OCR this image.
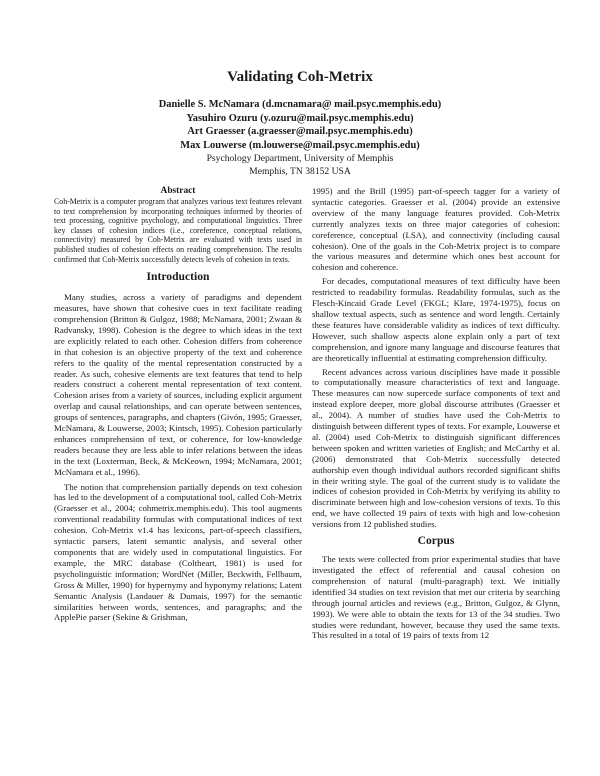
Validating Coh-Metrix
Danielle S. McNamara (d.mcnamara@ mail.psyc.memphis.edu)
Yasuhiro Ozuru (y.ozuru@mail.psyc.memphis.edu)
Art Graesser (a.graesser@mail.psyc.memphis.edu)
Max Louwerse (m.louwerse@mail.psyc.memphis.edu)
Psychology Department, University of Memphis
Memphis, TN 38152 USA
Abstract

Coh-Metrix is a computer program that analyzes various text features relevant to text comprehension by incorporating techniques informed by theories of text processing, cognitive psychology, and computational linguistics. Three key classes of cohesion indices (i.e., coreference, conceptual relations, connectivity) measured by Coh-Metrix are evaluated with texts used in published studies of cohesion effects on reading comprehension. The results confirmed that Coh-Metrix successfully detects levels of cohesion in texts.

Introduction

Many studies, across a variety of paradigms and dependent measures, have shown that cohesive cues in text facilitate reading comprehension (Britton & Gulgoz, 1988; McNamara, 2001; Zwaan & Radvansky, 1998). Cohesion is the degree to which ideas in the text are explicitly related to each other. Cohesion differs from coherence in that cohesion is an objective property of the text and coherence refers to the quality of the mental representation constructed by a reader. As such, cohesive elements are text features that tend to help readers construct a coherent mental representation of text content. Cohesion arises from a variety of sources, including explicit argument overlap and causal relationships, and can operate between sentences, groups of sentences, paragraphs, and chapters (Givón, 1995; Graesser, McNamara, & Louwerse, 2003; Kintsch, 1995). Cohesion particularly enhances comprehension of text, or coherence, for low-knowledge readers because they are less able to infer relations between the ideas in the text (Loxterman, Beck, & McKeown, 1994; McNamara, 2001; McNamara et al., 1996).

The notion that comprehension partially depends on text cohesion has led to the development of a computational tool, called Coh-Metrix (Graesser et al., 2004; cohmetrix.memphis.edu). This tool augments conventional readability formulas with computational indices of text cohesion. Coh-Metrix v1.4 has lexicons, part-of-speech classifiers, syntactic parsers, latent semantic analysis, and several other components that are widely used in computational linguistics. For example, the MRC database (Coltheart, 1981) is used for psycholinguistic information; WordNet (Miller, Beckwith, Fellbaum, Gross & Miller, 1990) for hypernymy and hyponymy relations; Latent Semantic Analysis (Landauer & Dumais, 1997) for the semantic similarities between words, sentences, and paragraphs; and the ApplePie parser (Sekine & Grishman,

1995) and the Brill (1995) part-of-speech tagger for a variety of syntactic categories. Graesser et al. (2004) provide an extensive overview of the many language features provided. Coh-Metrix currently analyzes texts on three major categories of cohesion: coreference, conceptual (LSA), and connectivity (including causal cohesion). One of the goals in the Coh-Metrix project is to compare the various measures and determine which ones best account for cohesion and coherence.

For decades, computational measures of text difficulty have been restricted to readability formulas. Readability formulas, such as the Flesch-Kincaid Grade Level (FKGL; Klare, 1974-1975), focus on shallow textual aspects, such as sentence and word length. Certainly these features have considerable validity as indices of text difficulty. However, such shallow aspects alone explain only a part of text comprehension, and ignore many language and discourse features that are theoretically influential at estimating comprehension difficulty.

Recent advances across various disciplines have made it possible to computationally measure characteristics of text and language. These measures can now supercede surface components of text and instead explore deeper, more global discourse attributes (Graesser et al., 2004). A number of studies have used the Coh-Metrix to distinguish between different types of texts. For example, Louwerse et al. (2004) used Coh-Metrix to distinguish significant differences between spoken and written varieties of English; and McCarthy et al. (2006) demonstrated that Coh-Metrix successfully detected authorship even though individual authors recorded significant shifts in their writing style. The goal of the current study is to validate the indices of cohesion provided in Coh-Metrix by verifying its ability to discriminate between high and low-cohesion versions of texts. To this end, we have collected 19 pairs of texts with high and low-cohesion versions from 12 published studies.

Corpus

The texts were collected from prior experimental studies that have investigated the effect of referential and causal cohesion on comprehension of natural (multi-paragraph) text. We initially identified 34 studies on text revision that met our criteria by searching through journal articles and reviews (e.g., Britton, Gulgoz, & Glynn, 1993). We were able to obtain the texts for 13 of the 34 studies. Two studies were redundant, however, because they used the same texts. This resulted in a total of 19 pairs of texts from 12
